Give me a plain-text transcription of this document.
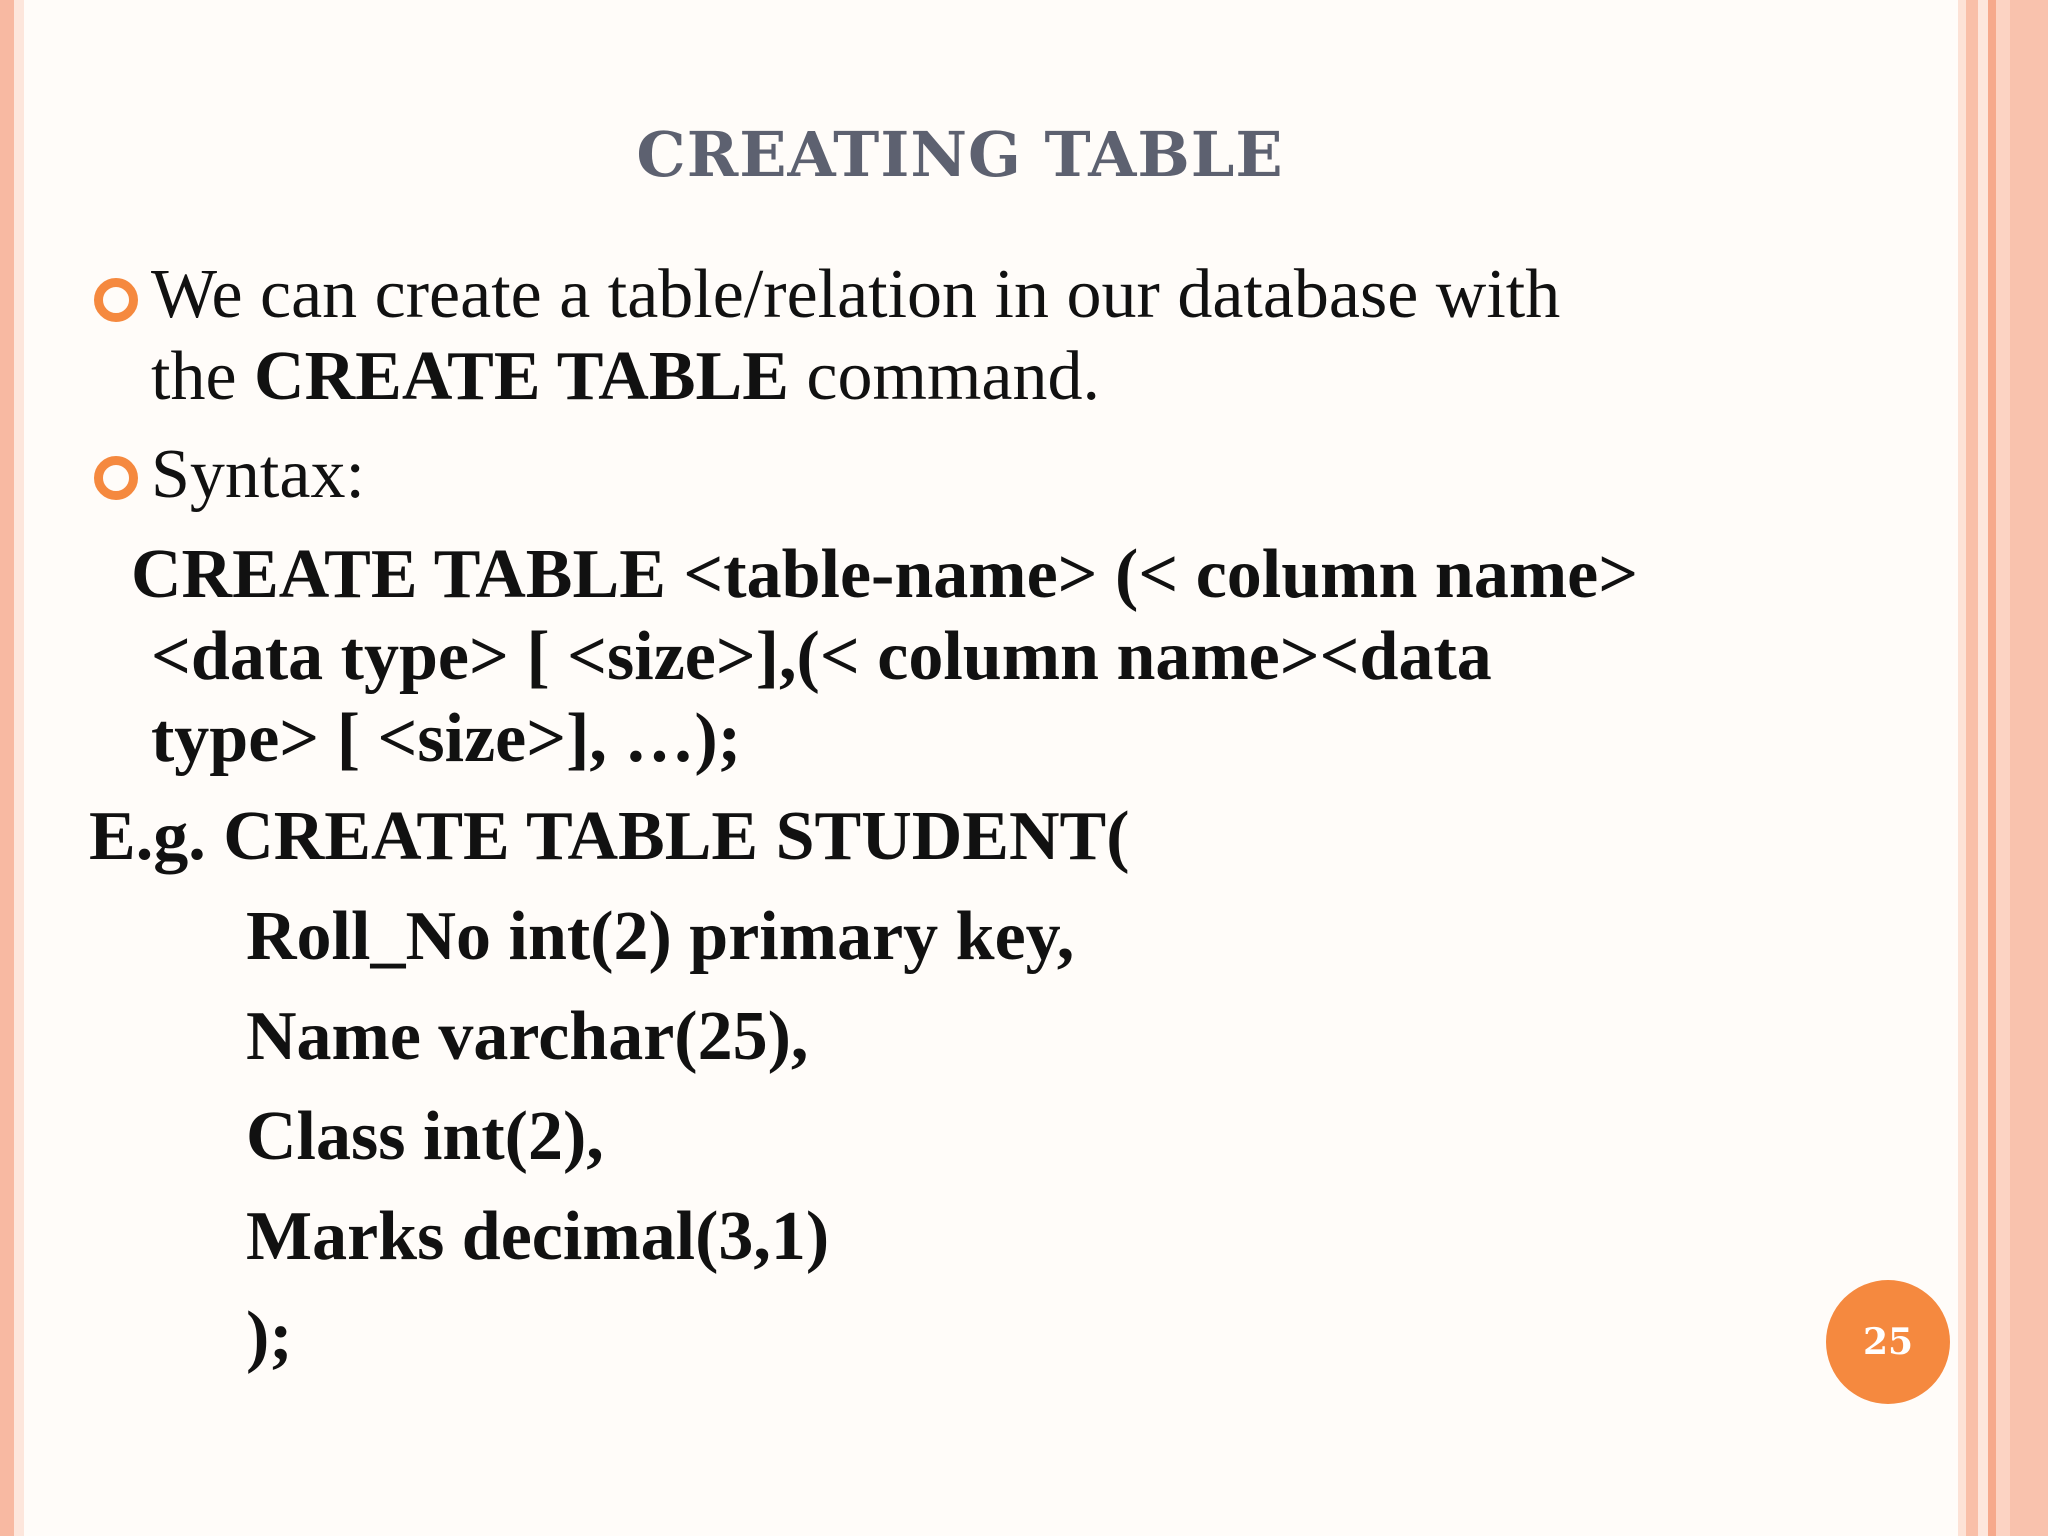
CREATING TABLE
We can create a table/relation in our database with
the CREATE TABLE command.
Syntax:
CREATE TABLE <table-name> (< column name>
<data type> [ <size>],(< column name><data
type> [ <size>], …);
E.g. CREATE TABLE STUDENT(
Roll_No int(2) primary key,
Name varchar(25),
Class int(2),
Marks decimal(3,1)
);	25
